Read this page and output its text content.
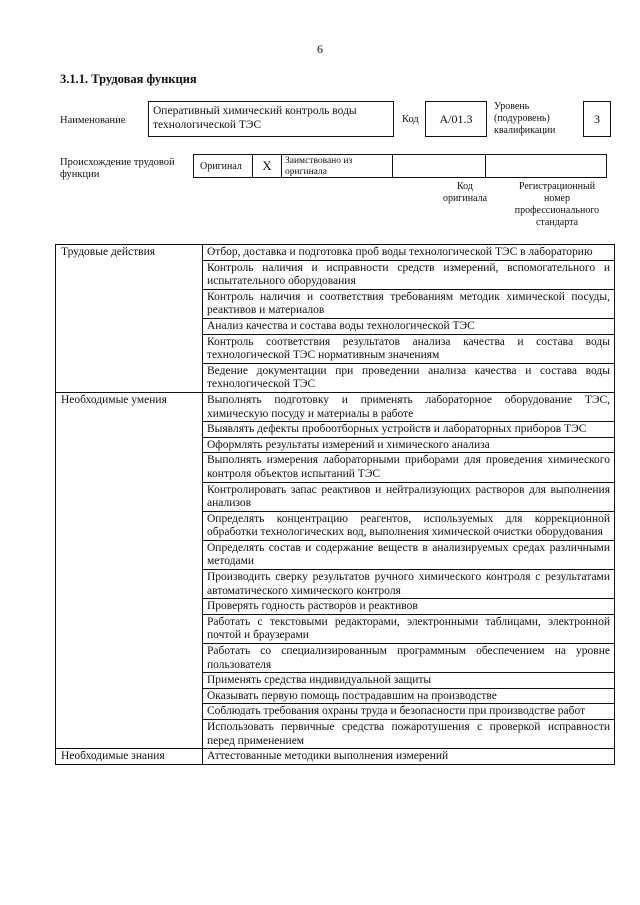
6
3.1.1. Трудовая функция
Наименование
Оперативный химический контроль воды технологической ТЭС	Код	А/01.3
Уровень
(подуровень)
квалификации
3
Происхождение трудовой
функции
Оригинал	X	Заимствовано из
оригинала
Код
оригинала
Регистрационный
номер
профессионального
стандарта
Трудовые действия	Отбор, доставка и подготовка проб воды технологической ТЭС в лабораторию
	Контроль наличия и исправности средств измерений, вспомогательного и испытательного оборудования
	Контроль наличия и соответствия требованиям методик химической посуды, реактивов и материалов
	Анализ качества и состава воды технологической ТЭС
	Контроль соответствия результатов анализа качества и состава воды технологической ТЭС нормативным значениям
	Ведение документации при проведении анализа качества и состава воды технологической ТЭС
Необходимые умения	Выполнять подготовку и применять лабораторное оборудование ТЭС, химическую посуду и материалы в работе
	Выявлять дефекты пробоотборных устройств и лабораторных приборов ТЭС
	Оформлять результаты измерений и химического анализа
	Выполнять измерения лабораторными приборами для проведения химического контроля объектов испытаний ТЭС
	Контролировать запас реактивов и нейтрализующих растворов для выполнения анализов
	Определять концентрацию реагентов, используемых для коррекционной обработки технологических вод, выполнения химической очистки оборудования
	Определять состав и содержание веществ в анализируемых средах различными методами
	Производить сверку результатов ручного химического контроля с результатами автоматического химического контроля
	Проверять годность растворов и реактивов
	Работать с текстовыми редакторами, электронными таблицами, электронной почтой и браузерами
	Работать со специализированным программным обеспечением на уровне пользователя
	Применять средства индивидуальной защиты
	Оказывать первую помощь пострадавшим на производстве
	Соблюдать требования охраны труда и безопасности при производстве работ
	Использовать первичные средства пожаротушения с проверкой исправности перед применением
Необходимые знания	Аттестованные методики выполнения измерений
